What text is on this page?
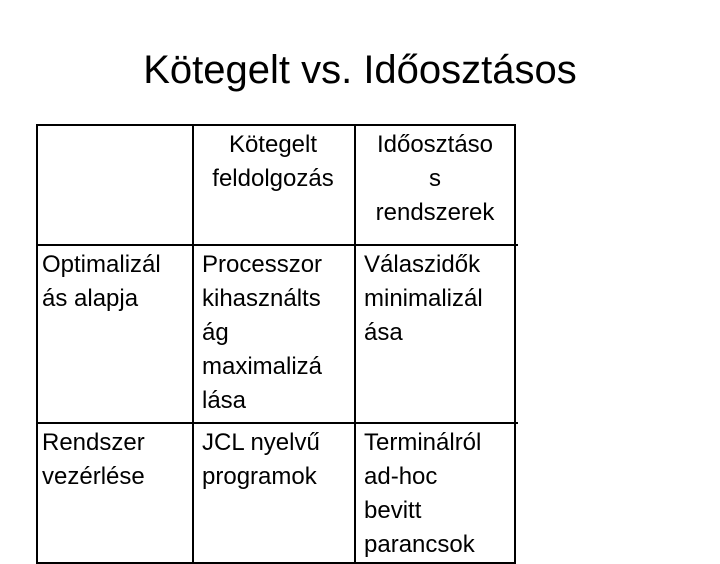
Kötegelt vs. Időosztásos
Kötegelt
feldolgozás
Időosztáso
s
rendszerek
Optimalizál
ás alapja
Processzor
kihasználts
ág
maximalizá
lása
Válaszidők
minimalizál
ása
Rendszer
vezérlése
JCL nyelvű
programok
Terminálról
ad-hoc
bevitt
parancsok
